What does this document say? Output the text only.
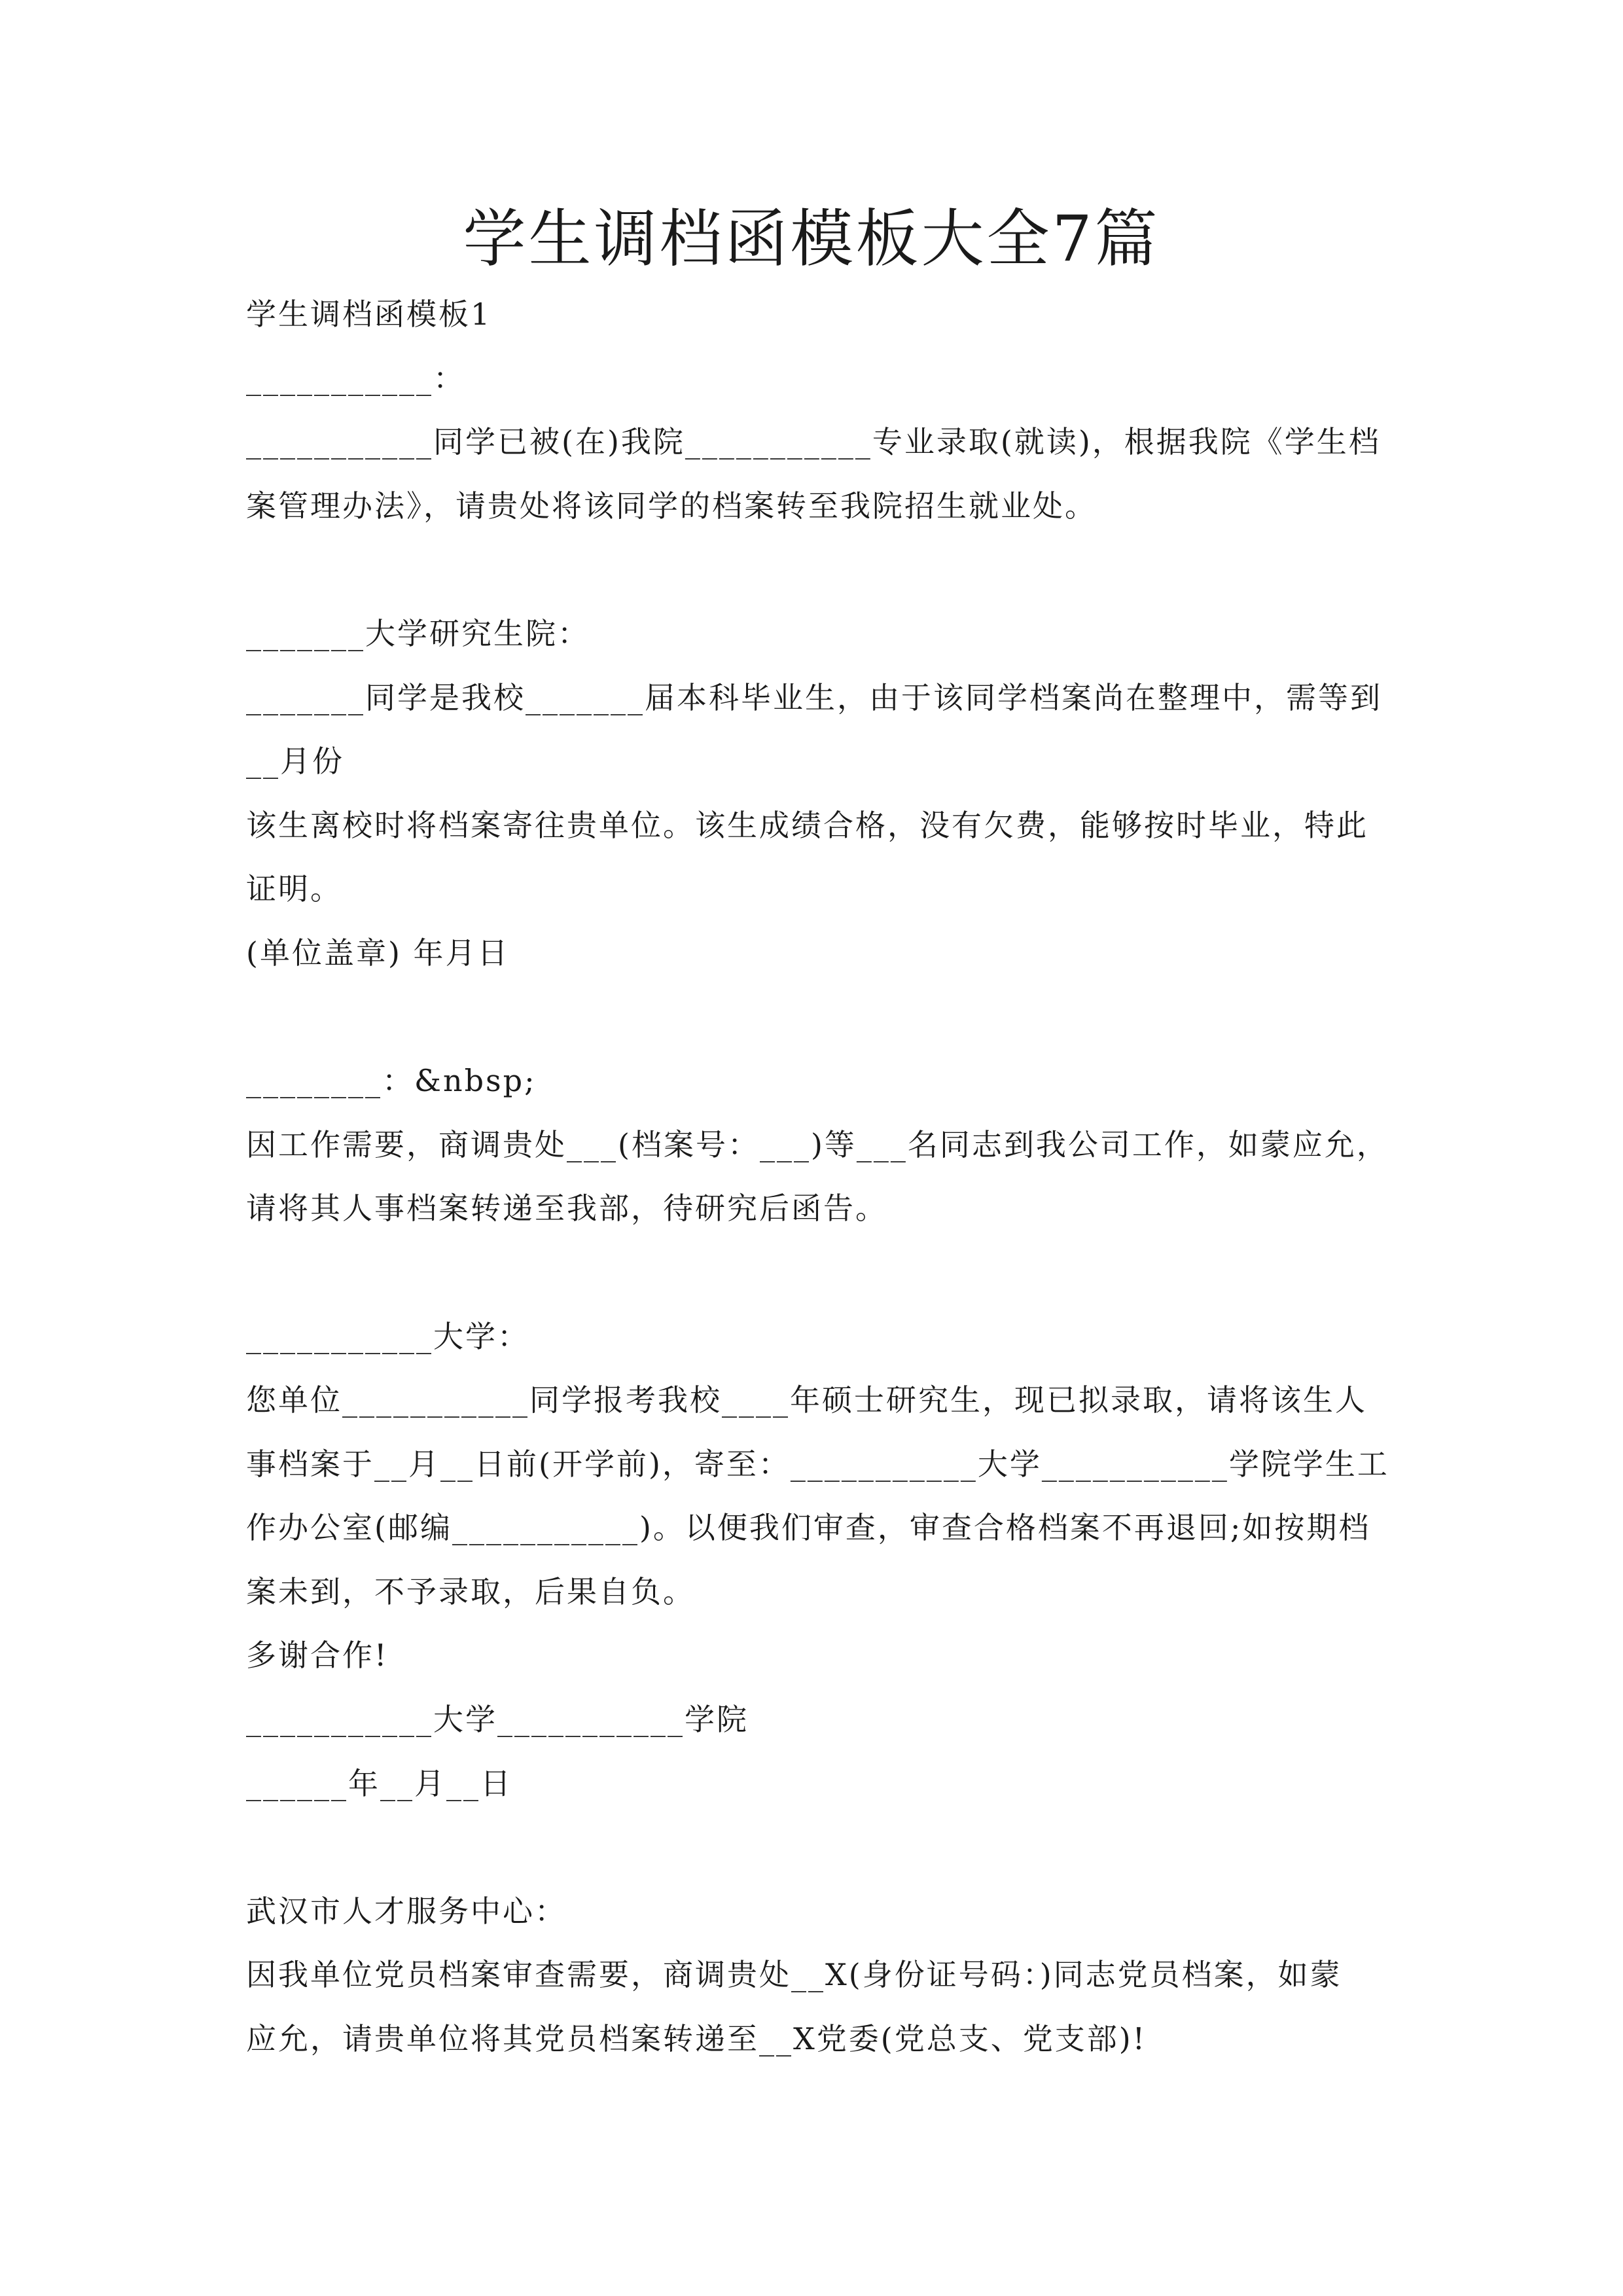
学生调档函模板大全7篇
学生调档函模板1
___________：
___________同学已被(在)我院___________专业录取(就读)，根据我院《学生档
案管理办法》，请贵处将该同学的档案转至我院招生就业处。
_______大学研究生院：
_______同学是我校_______届本科毕业生，由于该同学档案尚在整理中，需等到
__月份
该生离校时将档案寄往贵单位。该生成绩合格，没有欠费，能够按时毕业，特此
证明。
(单位盖章) 年月日
________：&nbsp;
因工作需要，商调贵处___(档案号：___)等___名同志到我公司工作，如蒙应允，
请将其人事档案转递至我部，待研究后函告。
___________大学：
您单位___________同学报考我校____年硕士研究生，现已拟录取，请将该生人
事档案于__月__日前(开学前)，寄至：___________大学___________学院学生工
作办公室(邮编___________)。以便我们审查，审查合格档案不再退回;如按期档
案未到，不予录取，后果自负。
多谢合作!
___________大学___________学院
______年__月__日
武汉市人才服务中心：
因我单位党员档案审查需要，商调贵处__X(身份证号码：)同志党员档案，如蒙
应允，请贵单位将其党员档案转递至__X党委(党总支、党支部)!
